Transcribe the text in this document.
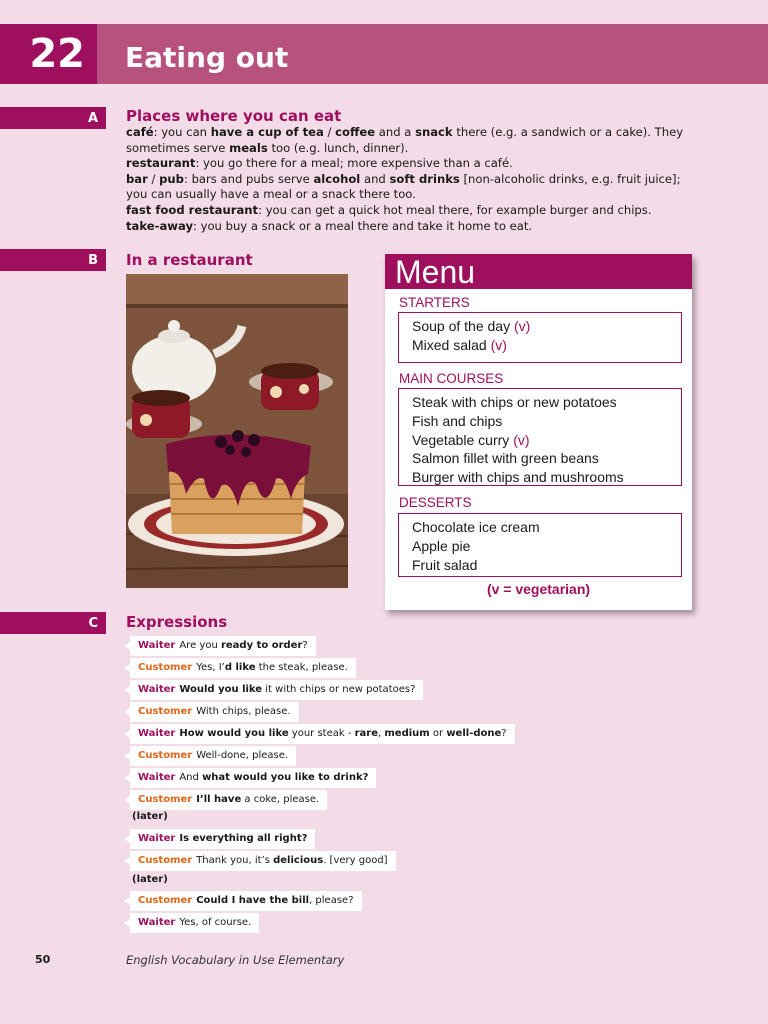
22	Eating out
A	Places where you can eat

café: you can have a cup of tea / coffee and a snack there (e.g. a sandwich or a cake). They sometimes serve meals too (e.g. lunch, dinner).

restaurant: you go there for a meal; more expensive than a café.

bar / pub: bars and pubs serve alcohol and soft drinks [non-alcoholic drinks, e.g. fruit juice]; you can usually have a meal or a snack there too.

fast food restaurant: you can get a quick hot meal there, for example burger and chips.

take-away: you buy a snack or a meal there and take it home to eat.

B	In a restaurant	Menu
STARTERS
Soup of the day (v)
Mixed salad (v)
MAIN COURSES
Steak with chips or new potatoes
Fish and chips
Vegetable curry (v)
Salmon fillet with green beans
Burger with chips and mushrooms
DESSERTS
Chocolate ice cream
Apple pie
Fruit salad
(v = vegetarian)
C	Expressions
Waiter Are you ready to order?
Customer Yes, I’d like the steak, please.
Waiter Would you like it with chips or new potatoes?
Customer With chips, please.
Waiter How would you like your steak - rare, medium or well-done?
Customer Well-done, please.
Waiter And what would you like to drink?
Customer I’ll have a coke, please.
(later)
Waiter Is everything all right?
Customer Thank you, it’s delicious. [very good]
(later)
Customer Could I have the bill, please?
Waiter Yes, of course.
50	English Vocabulary in Use Elementary
